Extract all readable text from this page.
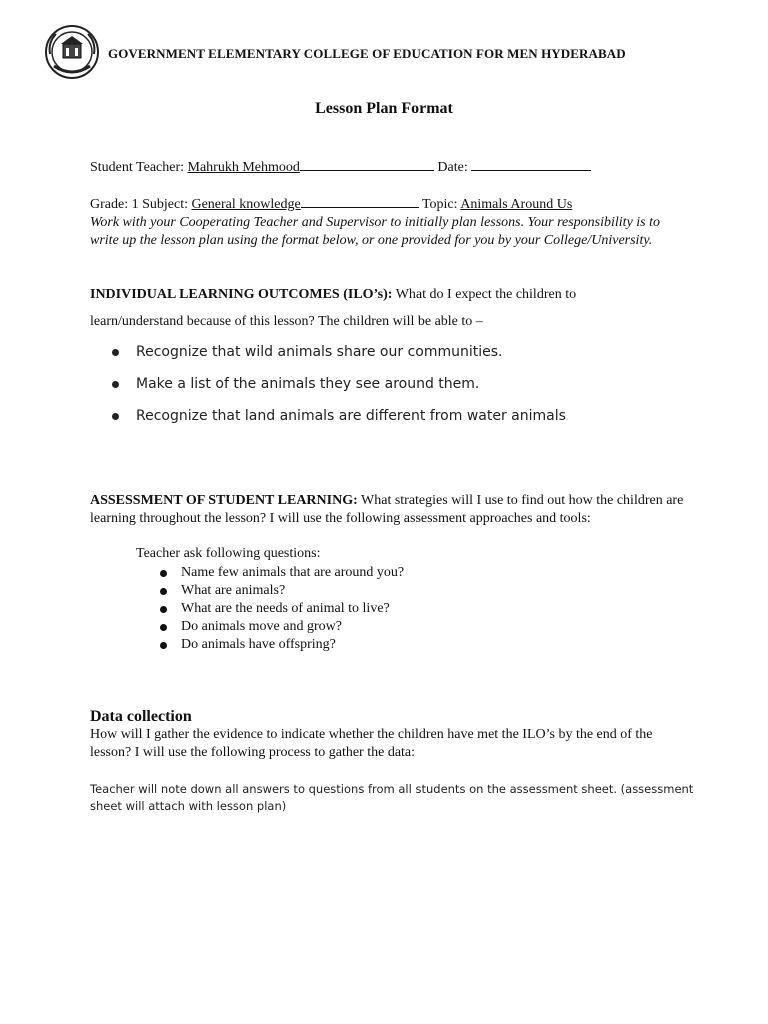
GOVERNMENT ELEMENTARY COLLEGE OF EDUCATION FOR MEN HYDERABAD
Lesson Plan Format
Student Teacher: Mahrukh Mehmood	Date:
Grade: 1 Subject: General knowledge	Topic: Animals Around Us
Work with your Cooperating Teacher and Supervisor to initially plan lessons. Your responsibility is to write up the lesson plan using the format below, or one provided for you by your College/University.
INDIVIDUAL LEARNING OUTCOMES (ILO’s): What do I expect the children to
learn/understand because of this lesson? The children will be able to –
Recognize that wild animals share our communities.
Make a list of the animals they see around them.
Recognize that land animals are different from water animals
ASSESSMENT OF STUDENT LEARNING: What strategies will I use to find out how the children are learning throughout the lesson? I will use the following assessment approaches and tools:
Teacher ask following questions:
Name few animals that are around you?
What are animals?
What are the needs of animal to live?
Do animals move and grow?
Do animals have offspring?
Data collection
How will I gather the evidence to indicate whether the children have met the ILO’s by the end of the lesson? I will use the following process to gather the data:
Teacher will note down all answers to questions from all students on the assessment sheet. (assessment sheet will attach with lesson plan)
